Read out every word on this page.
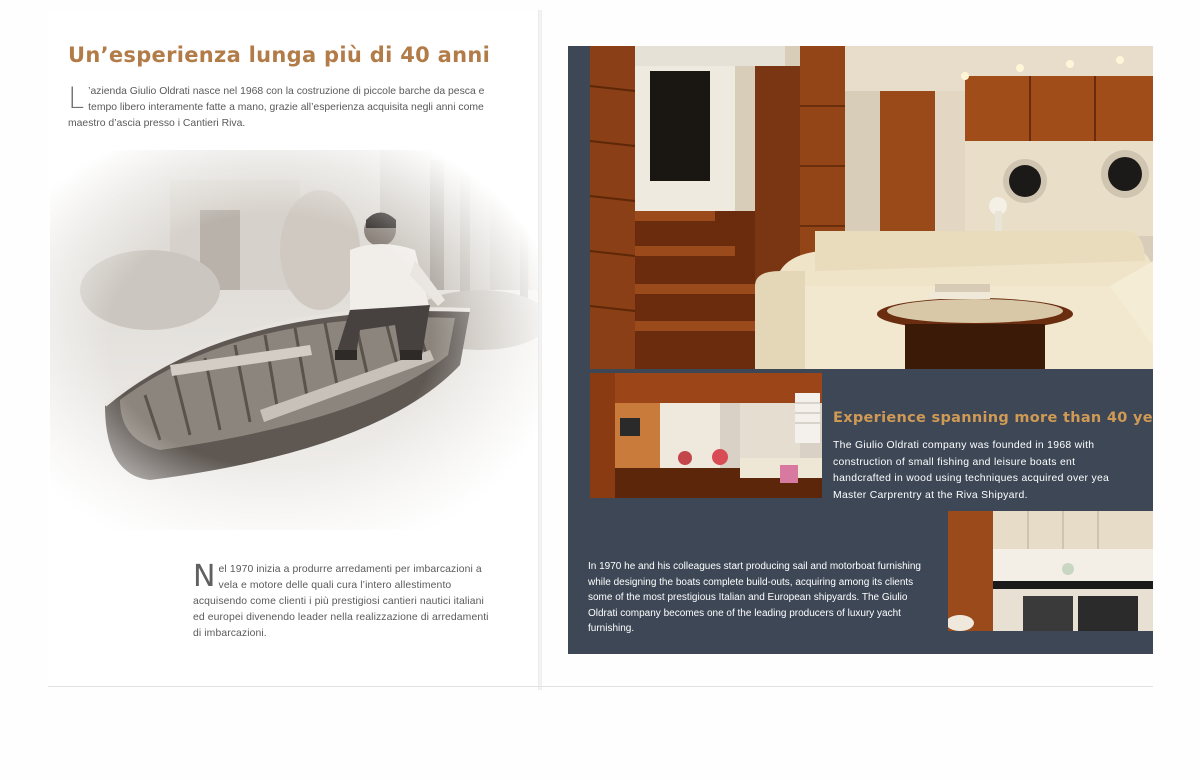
Un’esperienza lunga più di 40 anni
L ’azienda Giulio Oldrati nasce nel 1968 con la costruzione di piccole barche da pesca e tempo libero interamente fatte a mano, grazie all’esperienza acquisita negli anni come maestro d’ascia presso i Cantieri Riva.
Nel 1970 inizia a produrre arredamenti per imbarcazioni a vela e motore delle quali cura l’intero allestimento acquisendo come clienti i più prestigiosi cantieri nautici italiani ed europei divenendo leader nella realizzazione di arredamenti di imbarcazioni.
Experience spanning more than 40 ye
The Giulio Oldrati company was founded in 1968 with
construction of small fishing and leisure boats ent
handcrafted in wood using techniques acquired over yea
Master Carprentry at the Riva Shipyard.
In 1970 he and his colleagues start producing sail and motorboat furnishing while designing the boats complete build-outs, acquiring among its clients some of the most prestigious Italian and European shipyards. The Giulio Oldrati company becomes one of the leading producers of luxury yacht furnishing.
